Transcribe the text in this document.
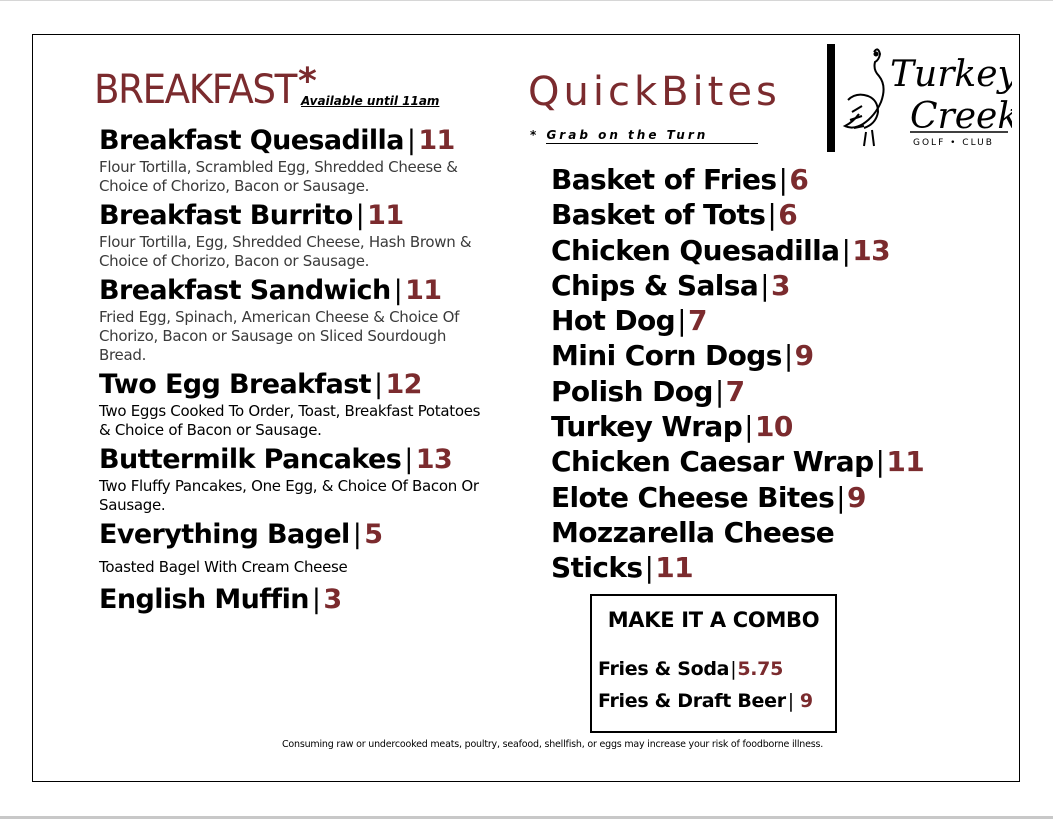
BREAKFAST *
Available until 11am
Breakfast Quesadilla | 11
Flour Tortilla, Scrambled Egg, Shredded Cheese & Choice of Chorizo, Bacon or Sausage.
Breakfast Burrito | 11
Flour Tortilla, Egg, Shredded Cheese, Hash Brown & Choice of Chorizo, Bacon or Sausage.
Breakfast Sandwich | 11
Fried Egg, Spinach, American Cheese & Choice Of Chorizo, Bacon or Sausage on Sliced Sourdough Bread.
Two Egg Breakfast | 12
Two Eggs Cooked To Order, Toast, Breakfast Potatoes & Choice of Bacon or Sausage.
Buttermilk Pancakes | 13
Two Fluffy Pancakes, One Egg, & Choice Of Bacon Or Sausage.
Everything Bagel | 5
Toasted Bagel With Cream Cheese
English Muffin | 3
QuickBites
* Grab on the Turn
Basket of Fries|6
Basket of Tots|6
Chicken Quesadilla|13
Chips & Salsa|3
Hot Dog|7
Mini Corn Dogs|9
Polish Dog|7
Turkey Wrap|10
Chicken Caesar Wrap|11
Elote Cheese Bites|9
Mozzarella Cheese
Sticks|11
MAKE IT A COMBO
Fries & Soda|5.75
Fries & Draft Beer | 9
Consuming raw or undercooked meats, poultry, seafood, shellfish, or eggs may increase your risk of foodborne illness.
Turkey
Creek
GOLF • CLUB
